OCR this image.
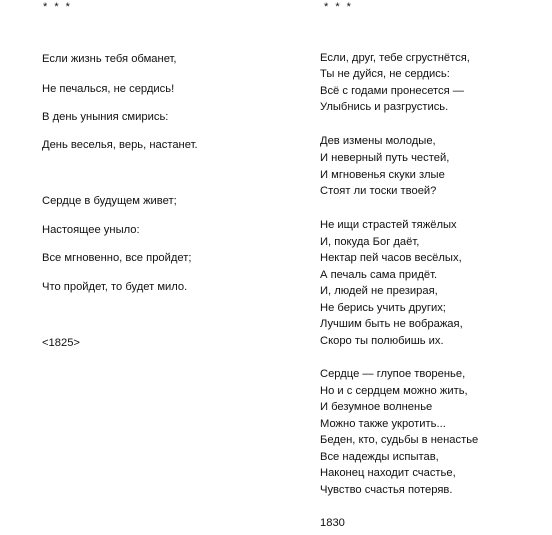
* * *	* * *
Если жизнь тебя обманет,
Не печалься, не сердись!
В день уныния смирись:
День веселья, верь, настанет.
Сердце в будущем живет;
Настоящее уныло:
Все мгновенно, все пройдет;
Что пройдет, то будет мило.
<1825>
Если, друг, тебе сгрустнётся,
Ты не дуйся, не сердись:
Всё с годами пронесется —
Улыбнись и разгрустись.
Дев измены молодые,
И неверный путь честей,
И мгновенья скуки злые
Стоят ли тоски твоей?
Не ищи страстей тяжёлых
И, покуда Бог даёт,
Нектар пей часов весёлых,
А печаль сама придёт.
И, людей не презирая,
Не берись учить других;
Лучшим быть не вображая,
Скоро ты полюбишь их.
Сердце — глупое творенье,
Но и с сердцем можно жить,
И безумное волненье
Можно также укротить...
Беден, кто, судьбы в ненастье
Все надежды испытав,
Наконец находит счастье,
Чувство счастья потеряв.
1830
